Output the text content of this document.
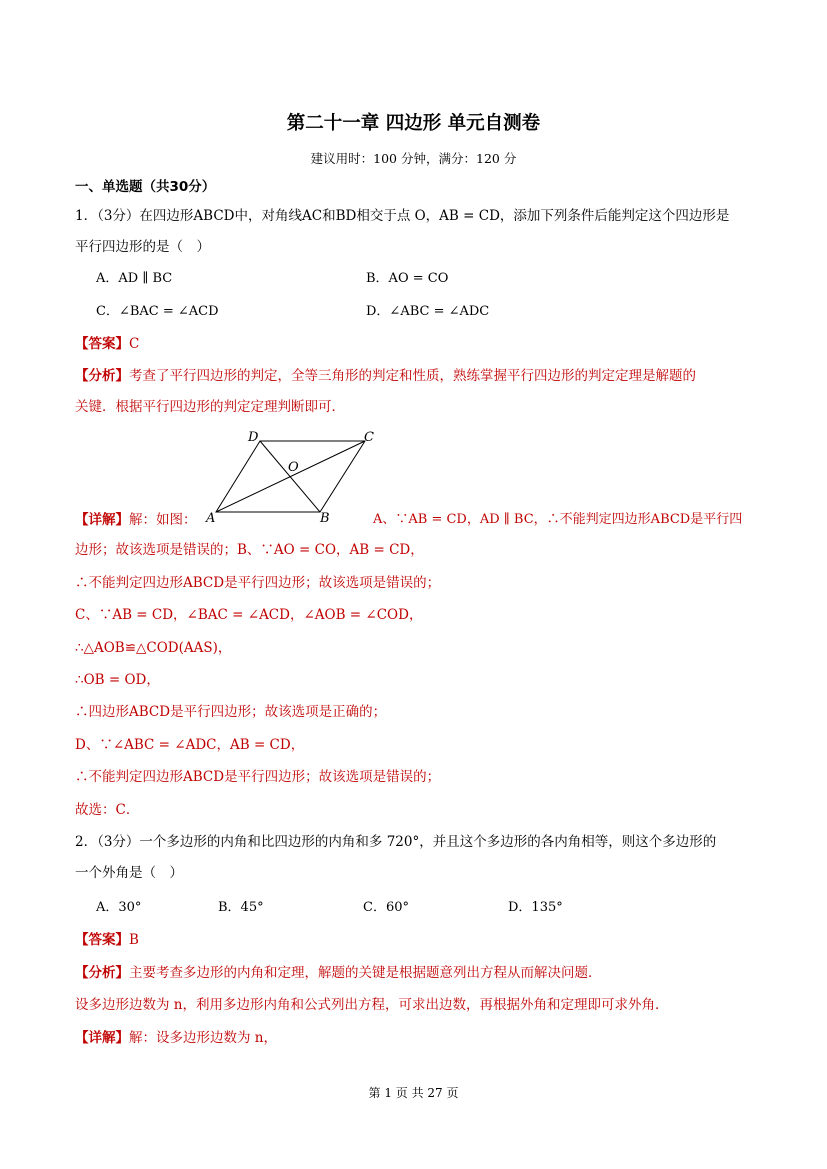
第二十一章 四边形 单元自测卷
建议用时：100 分钟，满分：120 分
一、单选题（共30分）
1．（3分）在四边形ABCD中，对角线AC和BD相交于点 O，AB = CD，添加下列条件后能判定这个四边形是
平行四边形的是（　）
A．AD ∥ BC	B．AO = CO
C．∠BAC = ∠ACD	D．∠ABC = ∠ADC
【答案】C
【分析】考查了平行四边形的判定，全等三角形的判定和性质，熟练掌握平行四边形的判定定理是解题的
关键．根据平行四边形的判定定理判断即可．
D	C
O
A	B
【详解】解：如图：	A、∵AB = CD，AD ∥ BC，∴不能判定四边形ABCD是平行四
边形；故该选项是错误的；B、∵AO = CO，AB = CD，
∴不能判定四边形ABCD是平行四边形；故该选项是错误的；
C、∵AB = CD，∠BAC = ∠ACD，∠AOB = ∠COD，
∴△AOB≌△COD(AAS)，
∴OB = OD，
∴四边形ABCD是平行四边形；故该选项是正确的；
D、∵∠ABC = ∠ADC，AB = CD，
∴不能判定四边形ABCD是平行四边形；故该选项是错误的；
故选：C．
2．（3分）一个多边形的内角和比四边形的内角和多 720°，并且这个多边形的各内角相等，则这个多边形的
一个外角是（　）
A．30°	B．45°	C．60°	D．135°
【答案】B
【分析】主要考查多边形的内角和定理，解题的关键是根据题意列出方程从而解决问题．
设多边形边数为 n，利用多边形内角和公式列出方程，可求出边数，再根据外角和定理即可求外角．
【详解】解：设多边形边数为 n，
第 1 页 共 27 页
